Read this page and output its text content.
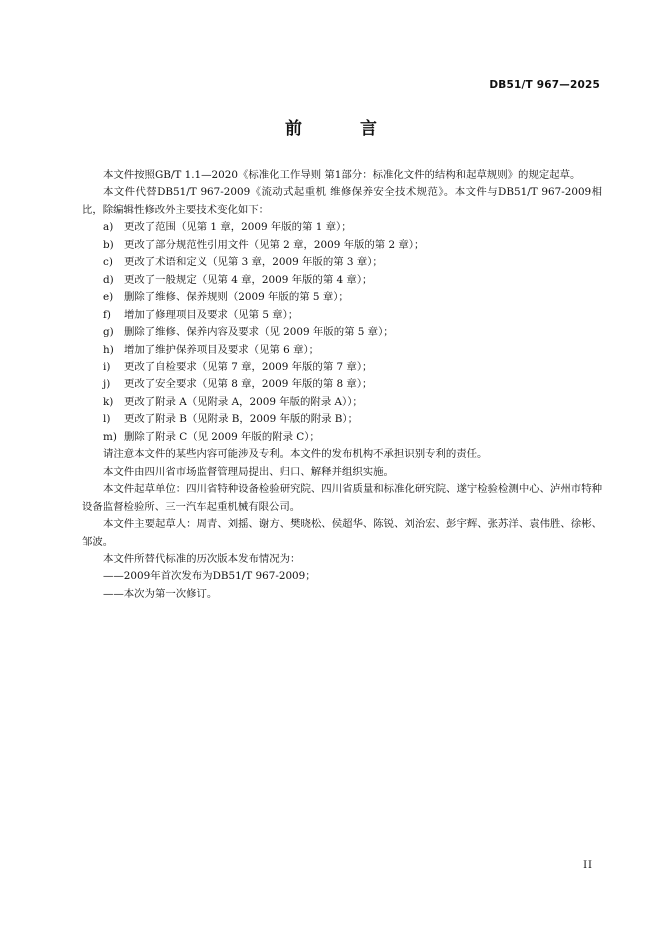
DB51/T 967—2025
前 言

本文件按照GB/T 1.1—2020《标准化工作导则 第1部分：标准化文件的结构和起草规则》的规定起草。

本文件代替DB51/T 967-2009《流动式起重机 维修保养安全技术规范》。本文件与DB51/T 967-2009相比，除编辑性修改外主要技术变化如下：

a)	更改了范围（见第 1 章，2009 年版的第 1 章）；
b) 更改了部分规范性引用文件（见第 2 章，2009 年版的第 2 章）；
c)	更改了术语和定义（见第 3 章，2009 年版的第 3 章）；
d) 更改了一般规定（见第 4 章，2009 年版的第 4 章）；
e)	删除了维修、保养规则（2009 年版的第 5 章）；
f)	增加了修理项目及要求（见第 5 章）；
g) 删除了维修、保养内容及要求（见 2009 年版的第 5 章）；
h) 增加了维护保养项目及要求（见第 6 章）；
i)	更改了自检要求（见第 7 章，2009 年版的第 7 章）；
j)	更改了安全要求（见第 8 章，2009 年版的第 8 章）；
k)	更改了附录 A（见附录 A，2009 年版的附录 A））；
l)	更改了附录 B（见附录 B，2009 年版的附录 B）；
m) 删除了附录 C（见 2009 年版的附录 C）；

请注意本文件的某些内容可能涉及专利。本文件的发布机构不承担识别专利的责任。

本文件由四川省市场监督管理局提出、归口、解释并组织实施。

本文件起草单位：四川省特种设备检验研究院、四川省质量和标准化研究院、遂宁检验检测中心、泸州市特种设备监督检验所、三一汽车起重机械有限公司。

本文件主要起草人：周青、刘摇、谢方、樊晓松、侯超华、陈锐、刘治宏、彭宇辉、张苏洋、袁伟胜、徐彬、邹波。

本文件所替代标准的历次版本发布情况为：

——2009年首次发布为DB51/T 967-2009；

——本次为第一次修订。

II
